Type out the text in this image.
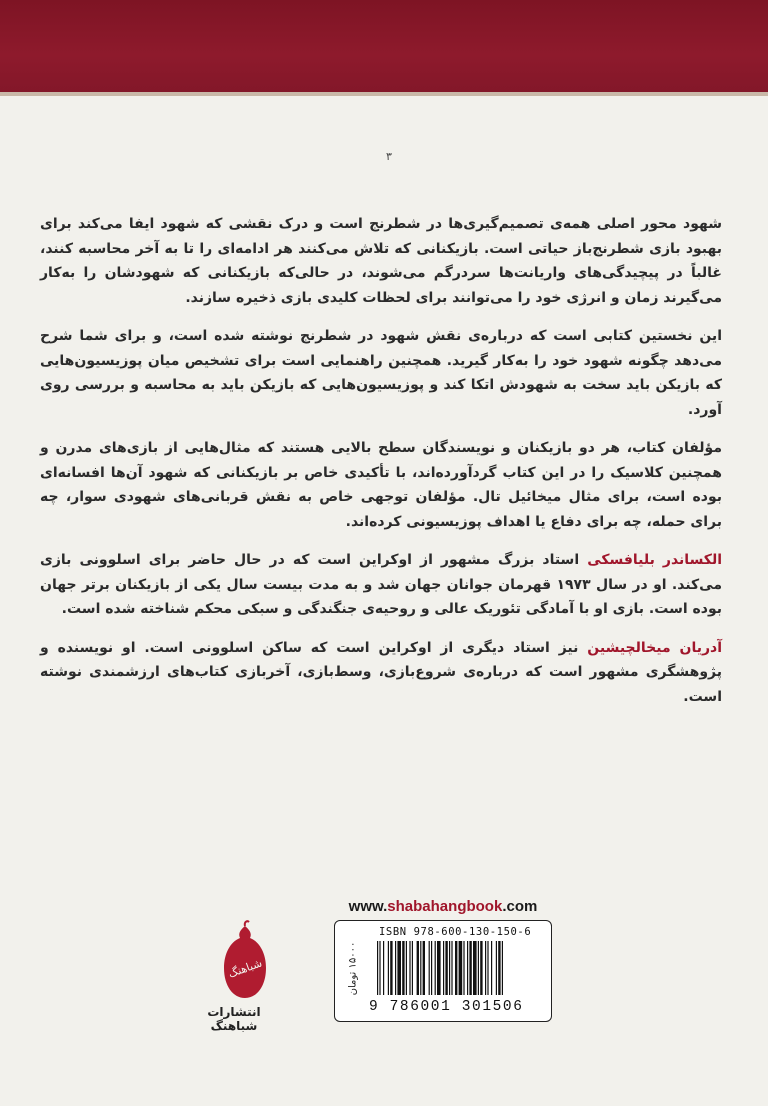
۳

شهود محور اصلی همه‌ی تصمیم‌گیری‌ها در شطرنج است و درک نقشی که شهود ایفا می‌کند برای بهبود بازی شطرنج‌باز حیاتی است. بازیکنانی که تلاش می‌کنند هر ادامه‌ای را تا به آخر محاسبه کنند، غالباً در پیچیدگی‌های واریانت‌ها سردرگم می‌شوند، در حالی‌که بازیکنانی که شهودشان را به‌کار می‌گیرند زمان و انرژی خود را می‌توانند برای لحظات کلیدی بازی ذخیره سازند.

این نخستین کتابی است که درباره‌ی نقش شهود در شطرنج نوشته شده است، و برای شما شرح می‌دهد چگونه شهود خود را به‌کار گیرید. همچنین راهنمایی است برای تشخیص میان پوزیسیون‌هایی که بازیکن باید سخت به شهودش اتکا کند و پوزیسیون‌هایی که بازیکن باید به محاسبه و بررسی روی آورد.

مؤلفان کتاب، هر دو بازیکنان و نویسندگان سطح بالایی هستند که مثال‌هایی از بازی‌های مدرن و همچنین کلاسیک را در این کتاب گردآورده‌اند، با تأکیدی خاص بر بازیکنانی که شهود آن‌ها افسانه‌ای بوده است، برای مثال میخائیل تال. مؤلفان توجهی خاص به نقش قربانی‌های شهودی سوار، چه برای حمله، چه برای دفاع یا اهداف پوزیسیونی کرده‌اند.

الکساندر بلیافسکی استاد بزرگ مشهور از اوکراین است که در حال حاضر برای اسلوونی بازی می‌کند. او در سال ۱۹۷۳ قهرمان جوانان جهان شد و به مدت بیست سال یکی از بازیکنان برتر جهان بوده است. بازی او با آمادگی تئوریک عالی و روحیه‌ی جنگندگی و سبکی محکم شناخته شده است.

آدریان میخالچیشین نیز استاد دیگری از اوکراین است که ساکن اسلوونی است. او نویسنده و پژوهشگری مشهور است که درباره‌ی شروع‌بازی، وسط‌بازی، آخربازی کتاب‌های ارزشمندی نوشته است.

www.shabahangbook.com
شباهنگ
انتشارات شباهنگ
۱۵۰۰۰ تومان
ISBN 978-600-130-150-6
9 786001 301506
